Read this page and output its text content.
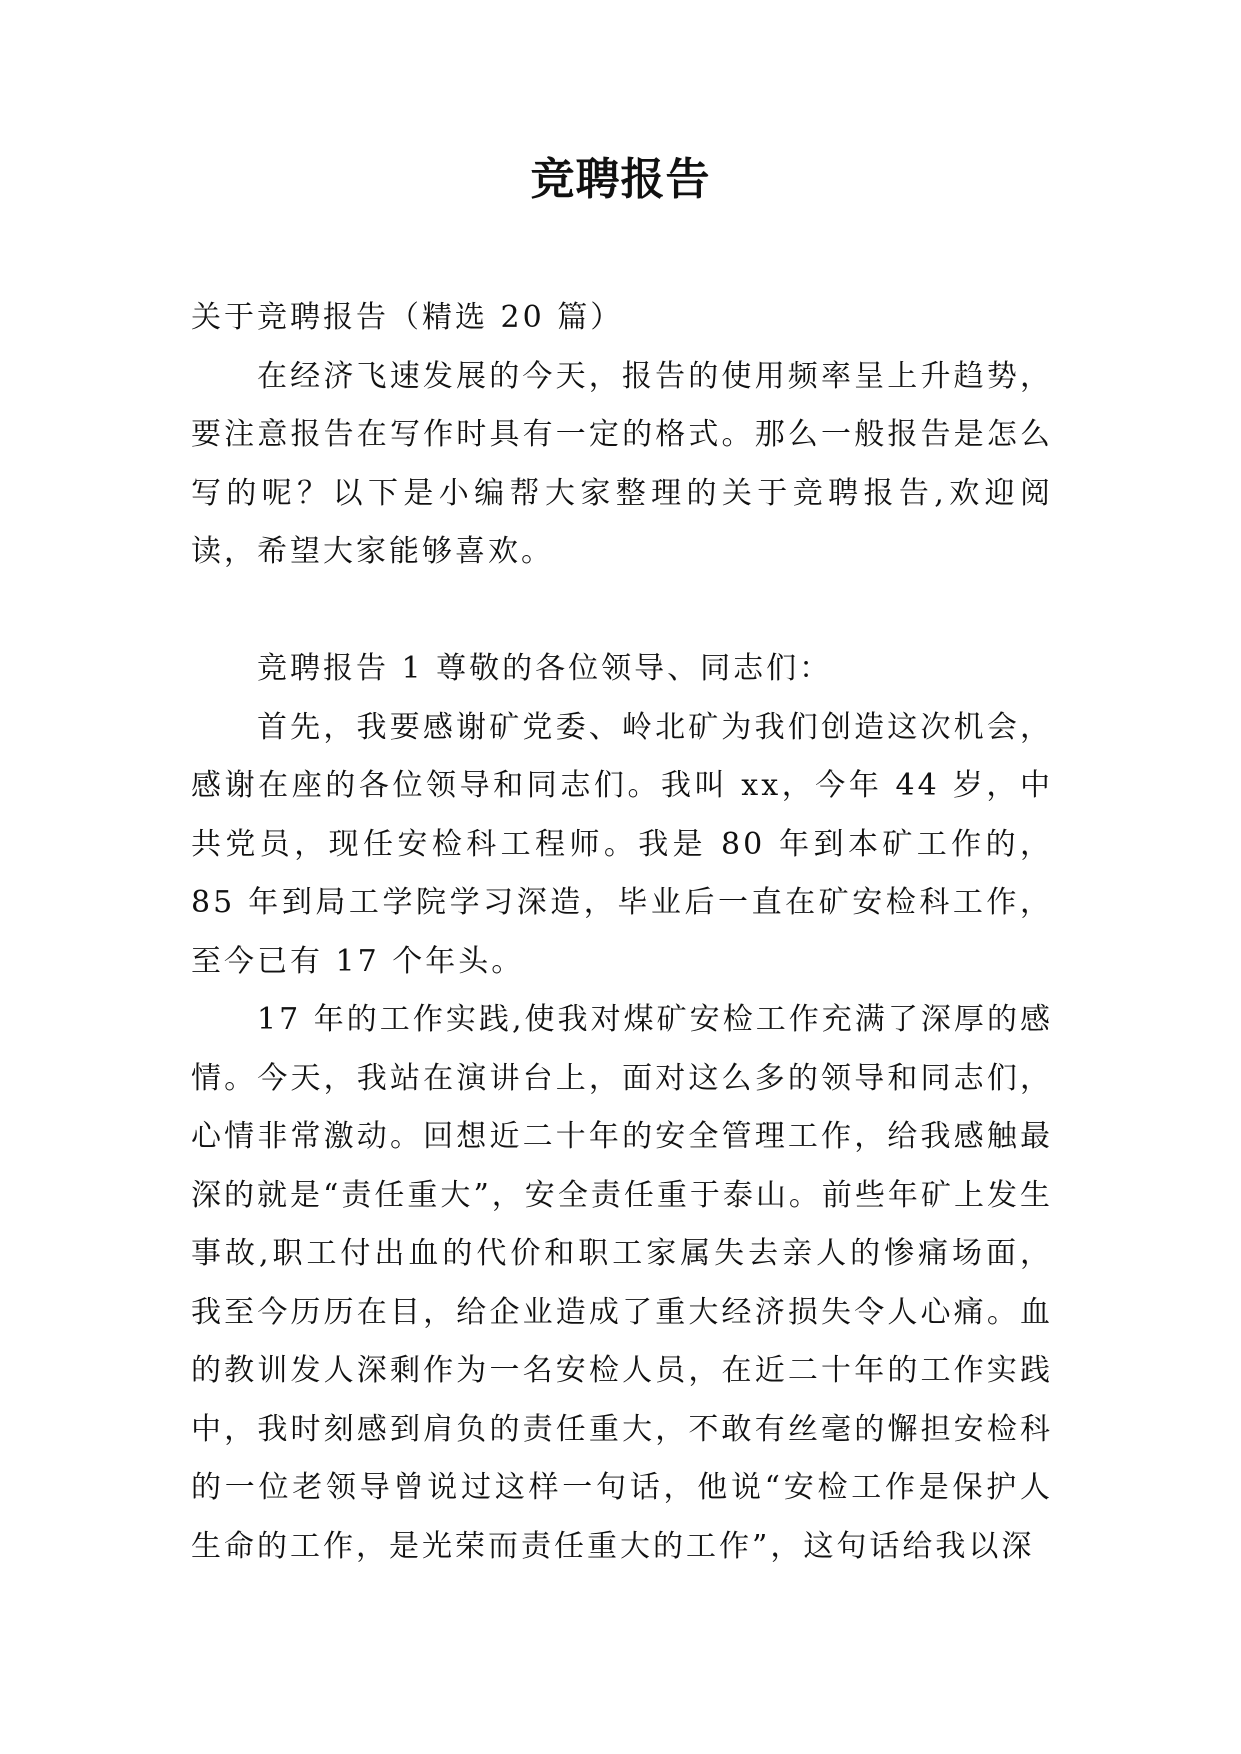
竞聘报告

关于竞聘报告（精选 20 篇）

在经济飞速发展的今天，报告的使用频率呈上升趋势，要注意报告在写作时具有一定的格式。那么一般报告是怎么写的呢？以下是小编帮大家整理的关于竞聘报告,欢迎阅读，希望大家能够喜欢。

竞聘报告 1 尊敬的各位领导、同志们：

首先，我要感谢矿党委、岭北矿为我们创造这次机会，感谢在座的各位领导和同志们。我叫 xx，今年 44 岁，中共党员，现任安检科工程师。我是 80 年到本矿工作的，85 年到局工学院学习深造，毕业后一直在矿安检科工作，至今已有 17 个年头。

17 年的工作实践,使我对煤矿安检工作充满了深厚的感情。今天，我站在演讲台上，面对这么多的领导和同志们，心情非常激动。回想近二十年的安全管理工作，给我感触最深的就是“责任重大”，安全责任重于泰山。前些年矿上发生事故,职工付出血的代价和职工家属失去亲人的惨痛场面，我至今历历在目，给企业造成了重大经济损失令人心痛。血的教训发人深剩作为一名安检人员，在近二十年的工作实践中，我时刻感到肩负的责任重大，不敢有丝毫的懈担安检科的一位老领导曾说过这样一句话，他说“安检工作是保护人生命的工作，是光荣而责任重大的工作”，这句话给我以深
